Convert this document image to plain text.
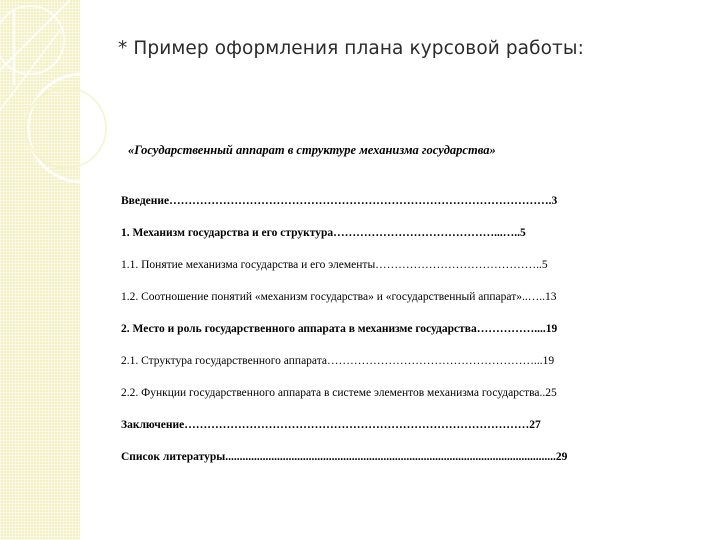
* Пример оформления плана курсовой работы:
«Государственный аппарат в структуре механизма государства»
Введение……………………………………………………………………………………….3
1. Механизм государства и его структура……………………………………...…..5
1.1. Понятие механизма государства и его элементы……………………………………..5
1.2. Соотношение понятий «механизм государства» и «государственный аппарат»..…..13
2. Место и роль государственного аппарата в механизме государства……………....19
2.1. Структура государственного аппарата………………………………………………...19
2.2. Функции государственного аппарата в системе элементов механизма государства..25
Заключение………………………………………………………………………………27
Список литературы...................................................................................................................29
